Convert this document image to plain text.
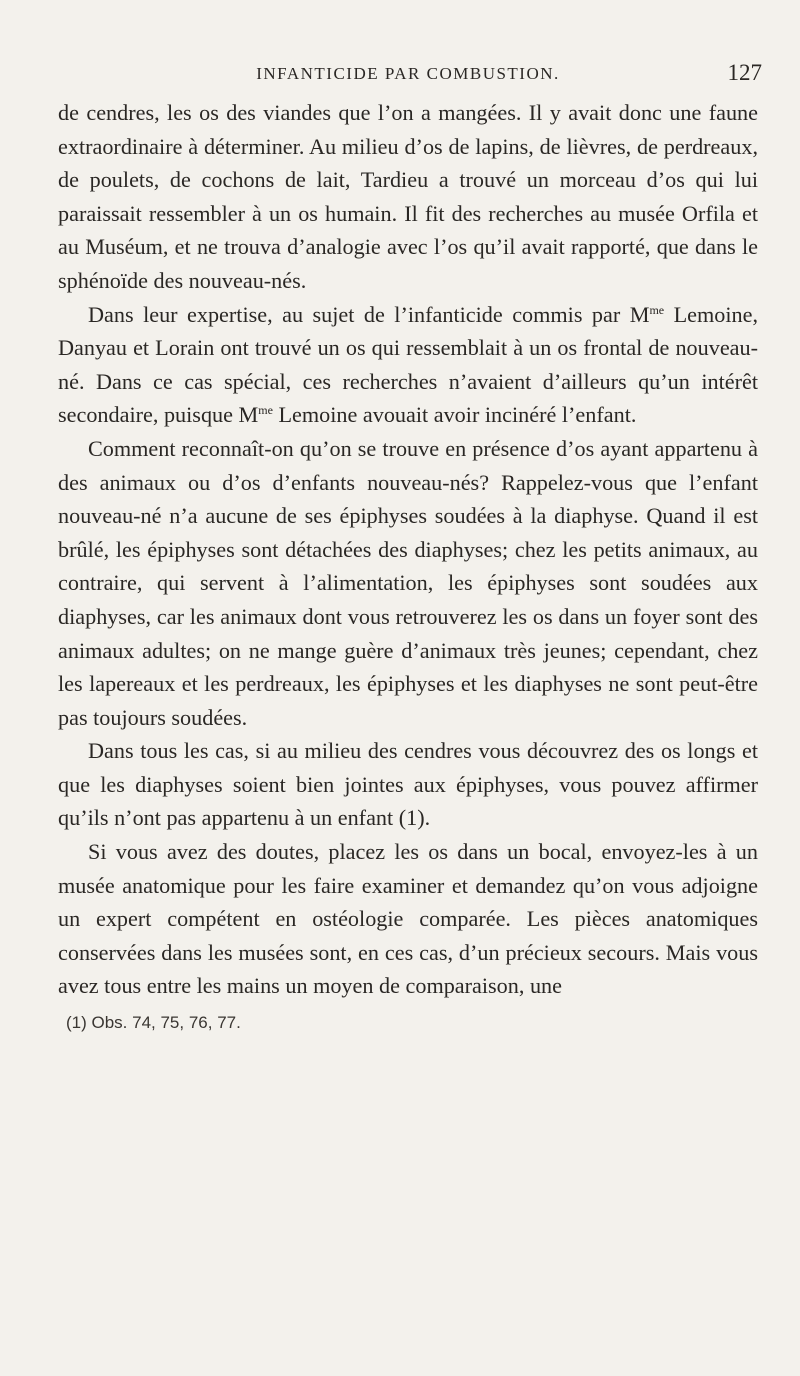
INFANTICIDE PAR COMBUSTION.	127

de cendres, les os des viandes que l’on a mangées. Il y avait donc une faune extraordinaire à déterminer. Au milieu d’os de lapins, de lièvres, de perdreaux, de poulets, de cochons de lait, Tardieu a trouvé un morceau d’os qui lui paraissait ressembler à un os humain. Il fit des recherches au musée Orfila et au Muséum, et ne trouva d’analogie avec l’os qu’il avait rapporté, que dans le sphénoïde des nouveau-nés.

Dans leur expertise, au sujet de l’infanticide commis par $M^{me}$ Lemoine, Danyau et Lorain ont trouvé un os qui ressemblait à un os frontal de nouveau-né. Dans ce cas spécial, ces recherches n’avaient d’ailleurs qu’un intérêt secondaire, puisque $M^{me}$ Lemoine avouait avoir incinéré l’enfant.

Comment reconnaît-on qu’on se trouve en présence d’os ayant appartenu à des animaux ou d’os d’enfants nouveau-nés? Rappelez-vous que l’enfant nouveau-né n’a aucune de ses épiphyses soudées à la diaphyse. Quand il est brûlé, les épiphyses sont détachées des diaphyses; chez les petits animaux, au contraire, qui servent à l’alimentation, les épiphyses sont soudées aux diaphyses, car les animaux dont vous retrouverez les os dans un foyer sont des animaux adultes; on ne mange guère d’animaux très jeunes; cependant, chez les lapereaux et les perdreaux, les épiphyses et les diaphyses ne sont peut-être pas toujours soudées.

Dans tous les cas, si au milieu des cendres vous découvrez des os longs et que les diaphyses soient bien jointes aux épiphyses, vous pouvez affirmer qu’ils n’ont pas appartenu à un enfant (1).

Si vous avez des doutes, placez les os dans un bocal, envoyez-les à un musée anatomique pour les faire examiner et demandez qu’on vous adjoigne un expert compétent en ostéologie comparée. Les pièces anatomiques conservées dans les musées sont, en ces cas, d’un précieux secours. Mais vous avez tous entre les mains un moyen de comparaison, une

(1) Obs. 74, 75, 76, 77.
